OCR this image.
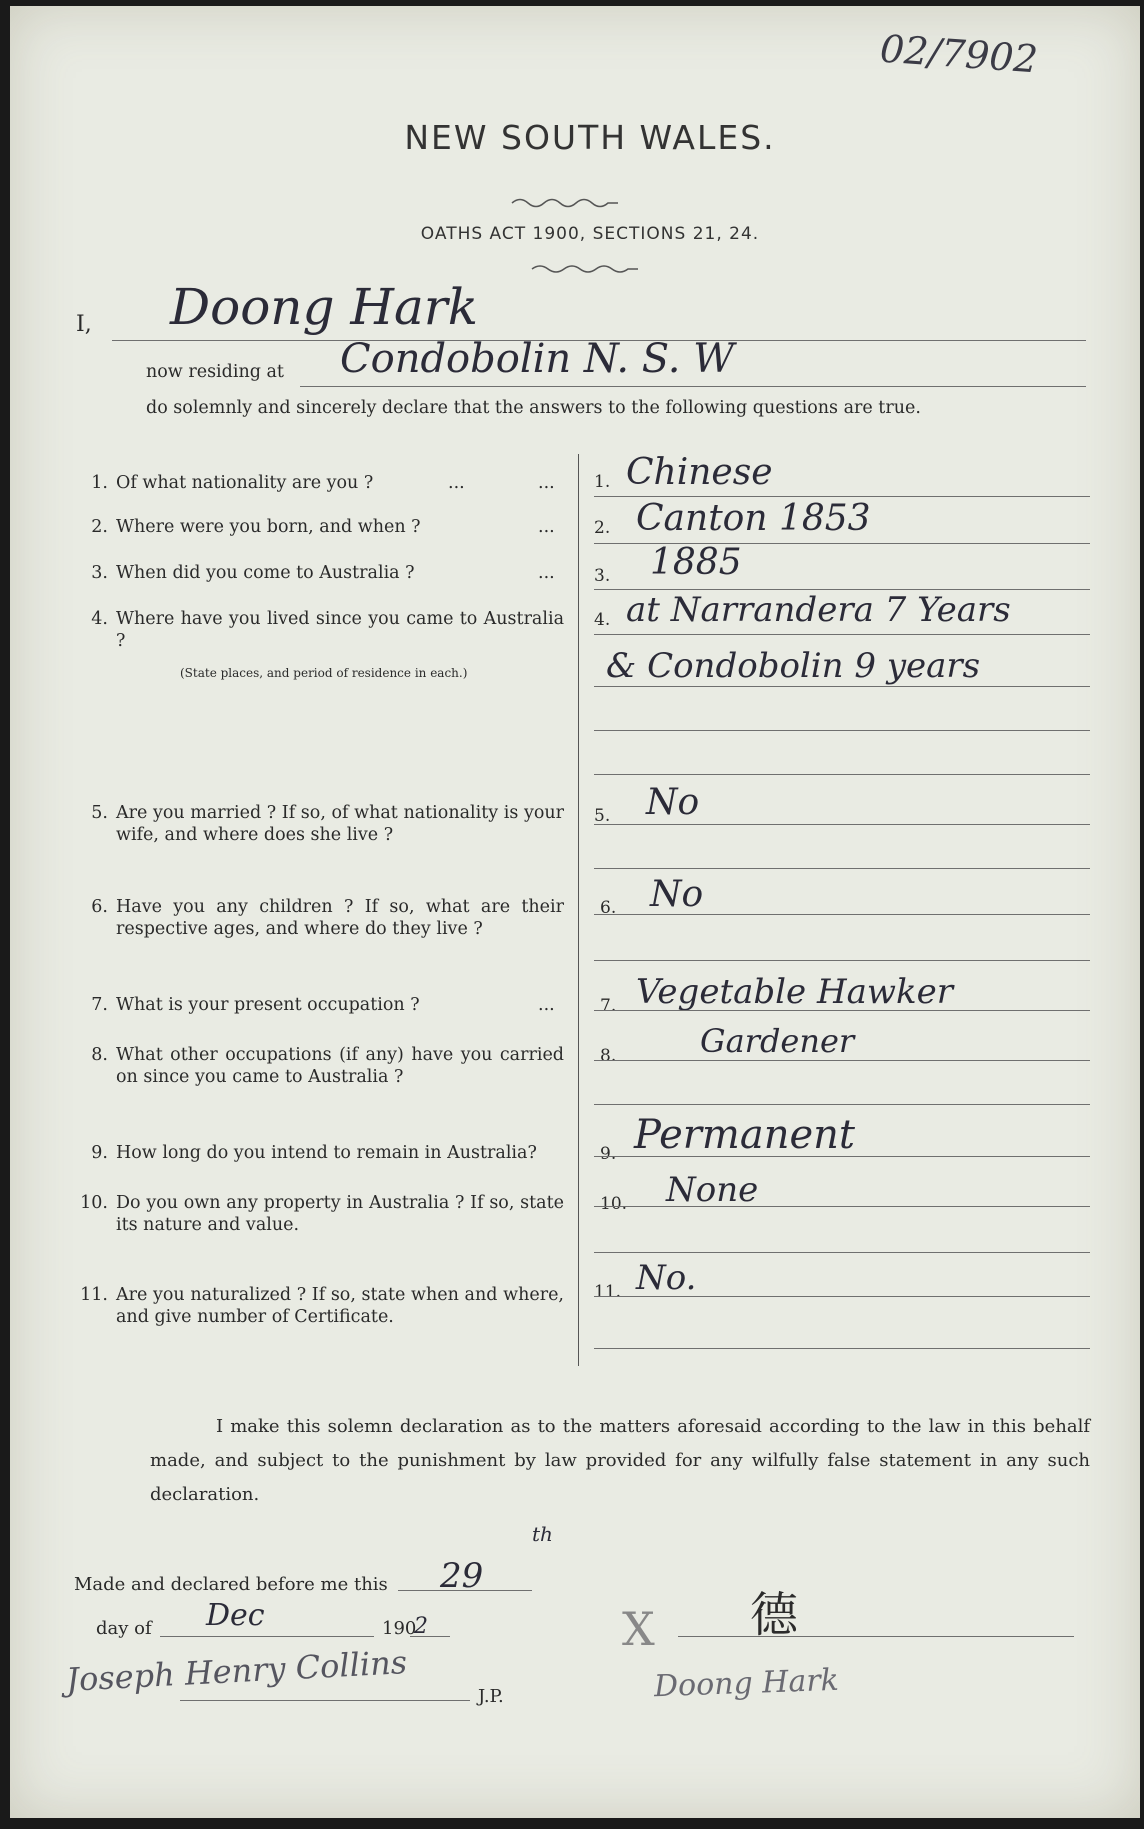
02/7902
NEW SOUTH WALES.
OATHS ACT 1900, SECTIONS 21, 24.
I, Doong Hark
now residing at Condobolin N. S. W
do solemnly and sincerely declare that the answers to the following questions are true.
1. Of what nationality are you ?	...	... 1. Chinese
2. Where were you born, and when ?	... 2. Canton 1853
3. When did you come to Australia ?	... 3. 1885
4. Where have you lived since you came to Australia ?
(State places, and period of residence in each.)
4. at Narrandera 7 Years
& Condobolin 9 years
5. Are you married ? If so, of what nationality is your wife, and where does she live ?
5. No
6. Have you any children ? If so, what are their respective ages, and where do they live ?
6. No
7. What is your present occupation ?	...	7. Vegetable Hawker
8. What other occupations (if any) have you carried on since you came to Australia ?
8.	Gardener
9. How long do you intend to remain in Australia?	9. Permanent
10. Do you own any property in Australia ? If so, state its nature and value.
10. None
11. Are you naturalized ? If so, state when and where, and give number of Certificate.
11. No.
I make this solemn declaration as to the matters aforesaid according to the law in this behalf made, and subject to the punishment by law provided for any wilfully false statement in any such declaration.
Made and declared before me this 29
th
day of Dec	190
2
Joseph Henry Collins	J.P.
X 德
Doong Hark
